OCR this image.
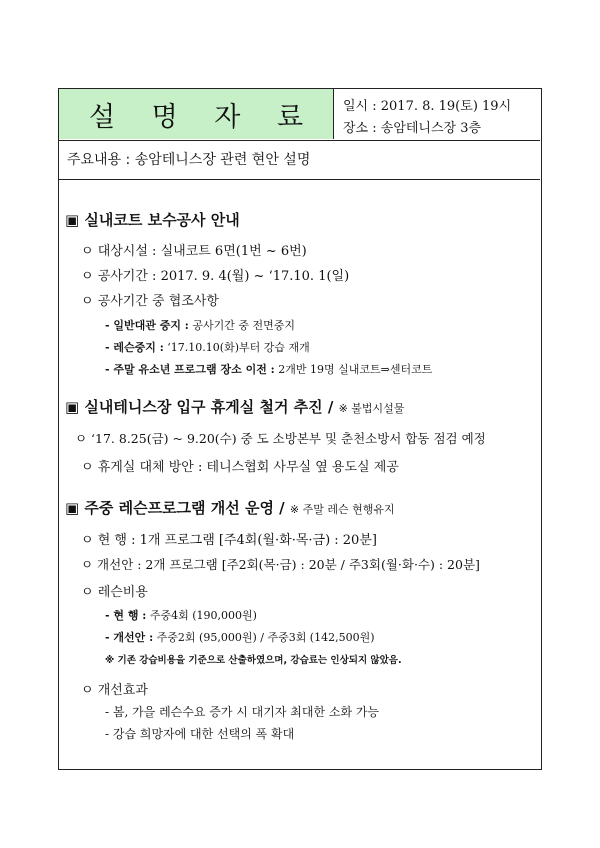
설 명 자 료 일시 : 2017. 8. 19(토) 19시
장소 : 송암테니스장 3층
주요내용 : 송암테니스장 관련 현안 설명
▣ 실내코트 보수공사 안내
ㅇ 대상시설 : 실내코트 6면(1번 ~ 6번)
ㅇ 공사기간 : 2017. 9. 4(월) ~ ‘17.10. 1(일)
ㅇ 공사기간 중 협조사항
- 일반대관 중지 : 공사기간 중 전면중지
- 레슨중지 : ‘17.10.10(화)부터 강습 재개
- 주말 유소년 프로그램 장소 이전 : 2개반 19명 실내코트⇒센터코트
▣ 실내테니스장 입구 휴게실 철거 추진 / ※ 불법시설물
ㅇ ‘17. 8.25(금) ~ 9.20(수) 중 도 소방본부 및 춘천소방서 합동 점검 예정
ㅇ 휴게실 대체 방안 : 테니스협회 사무실 옆 용도실 제공
▣ 주중 레슨프로그램 개선 운영 / ※ 주말 레슨 현행유지
ㅇ 현 행 : 1개 프로그램 [주4회(월·화·목·금) : 20분]
ㅇ 개선안 : 2개 프로그램 [주2회(목·금) : 20분 / 주3회(월·화·수) : 20분]
ㅇ 레슨비용
- 현 행 : 주중4회 (190,000원)
- 개선안 : 주중2회 (95,000원) / 주중3회 (142,500원)
※ 기존 강습비용을 기준으로 산출하였으며, 강습료는 인상되지 않았음.
ㅇ 개선효과
- 봄, 가을 레슨수요 증가 시 대기자 최대한 소화 가능
- 강습 희망자에 대한 선택의 폭 확대
